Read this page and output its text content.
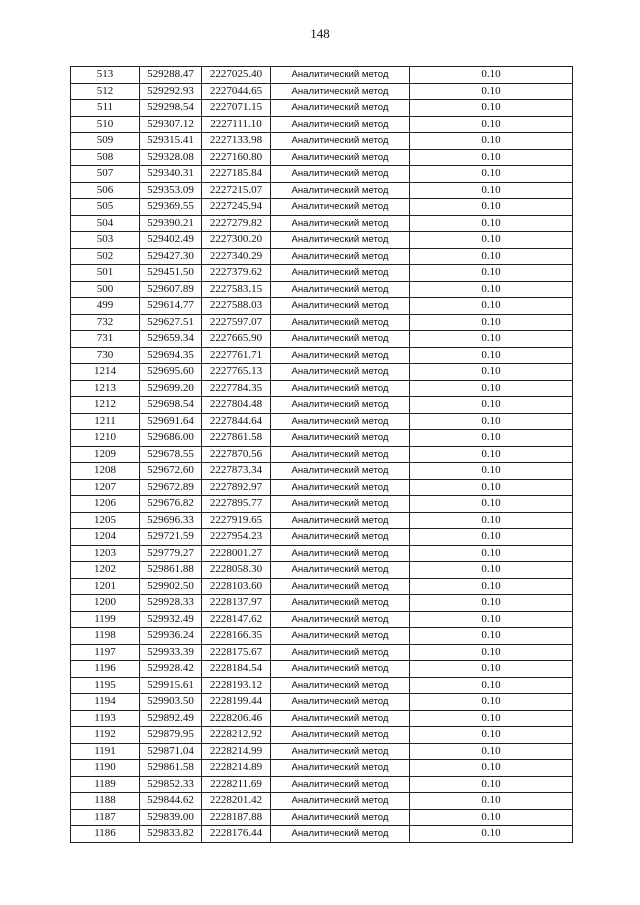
148
513	529288.47	2227025.40	Аналитический метод	0.10
512	529292.93	2227044.65	Аналитический метод	0.10
511	529298.54	2227071.15	Аналитический метод	0.10
510	529307.12	2227111.10	Аналитический метод	0.10
509	529315.41	2227133.98	Аналитический метод	0.10
508	529328.08	2227160.80	Аналитический метод	0.10
507	529340.31	2227185.84	Аналитический метод	0.10
506	529353.09	2227215.07	Аналитический метод	0.10
505	529369.55	2227245.94	Аналитический метод	0.10
504	529390.21	2227279.82	Аналитический метод	0.10
503	529402.49	2227300.20	Аналитический метод	0.10
502	529427.30	2227340.29	Аналитический метод	0.10
501	529451.50	2227379.62	Аналитический метод	0.10
500	529607.89	2227583.15	Аналитический метод	0.10
499	529614.77	2227588.03	Аналитический метод	0.10
732	529627.51	2227597.07	Аналитический метод	0.10
731	529659.34	2227665.90	Аналитический метод	0.10
730	529694.35	2227761.71	Аналитический метод	0.10
1214	529695.60	2227765.13	Аналитический метод	0.10
1213	529699.20	2227784.35	Аналитический метод	0.10
1212	529698.54	2227804.48	Аналитический метод	0.10
1211	529691.64	2227844.64	Аналитический метод	0.10
1210	529686.00	2227861.58	Аналитический метод	0.10
1209	529678.55	2227870.56	Аналитический метод	0.10
1208	529672.60	2227873.34	Аналитический метод	0.10
1207	529672.89	2227892.97	Аналитический метод	0.10
1206	529676.82	2227895.77	Аналитический метод	0.10
1205	529696.33	2227919.65	Аналитический метод	0.10
1204	529721.59	2227954.23	Аналитический метод	0.10
1203	529779.27	2228001.27	Аналитический метод	0.10
1202	529861.88	2228058.30	Аналитический метод	0.10
1201	529902.50	2228103.60	Аналитический метод	0.10
1200	529928.33	2228137.97	Аналитический метод	0.10
1199	529932.49	2228147.62	Аналитический метод	0.10
1198	529936.24	2228166.35	Аналитический метод	0.10
1197	529933.39	2228175.67	Аналитический метод	0.10
1196	529928.42	2228184.54	Аналитический метод	0.10
1195	529915.61	2228193.12	Аналитический метод	0.10
1194	529903.50	2228199.44	Аналитический метод	0.10
1193	529892.49	2228206.46	Аналитический метод	0.10
1192	529879.95	2228212.92	Аналитический метод	0.10
1191	529871.04	2228214.99	Аналитический метод	0.10
1190	529861.58	2228214.89	Аналитический метод	0.10
1189	529852.33	2228211.69	Аналитический метод	0.10
1188	529844.62	2228201.42	Аналитический метод	0.10
1187	529839.00	2228187.88	Аналитический метод	0.10
1186	529833.82	2228176.44	Аналитический метод	0.10
